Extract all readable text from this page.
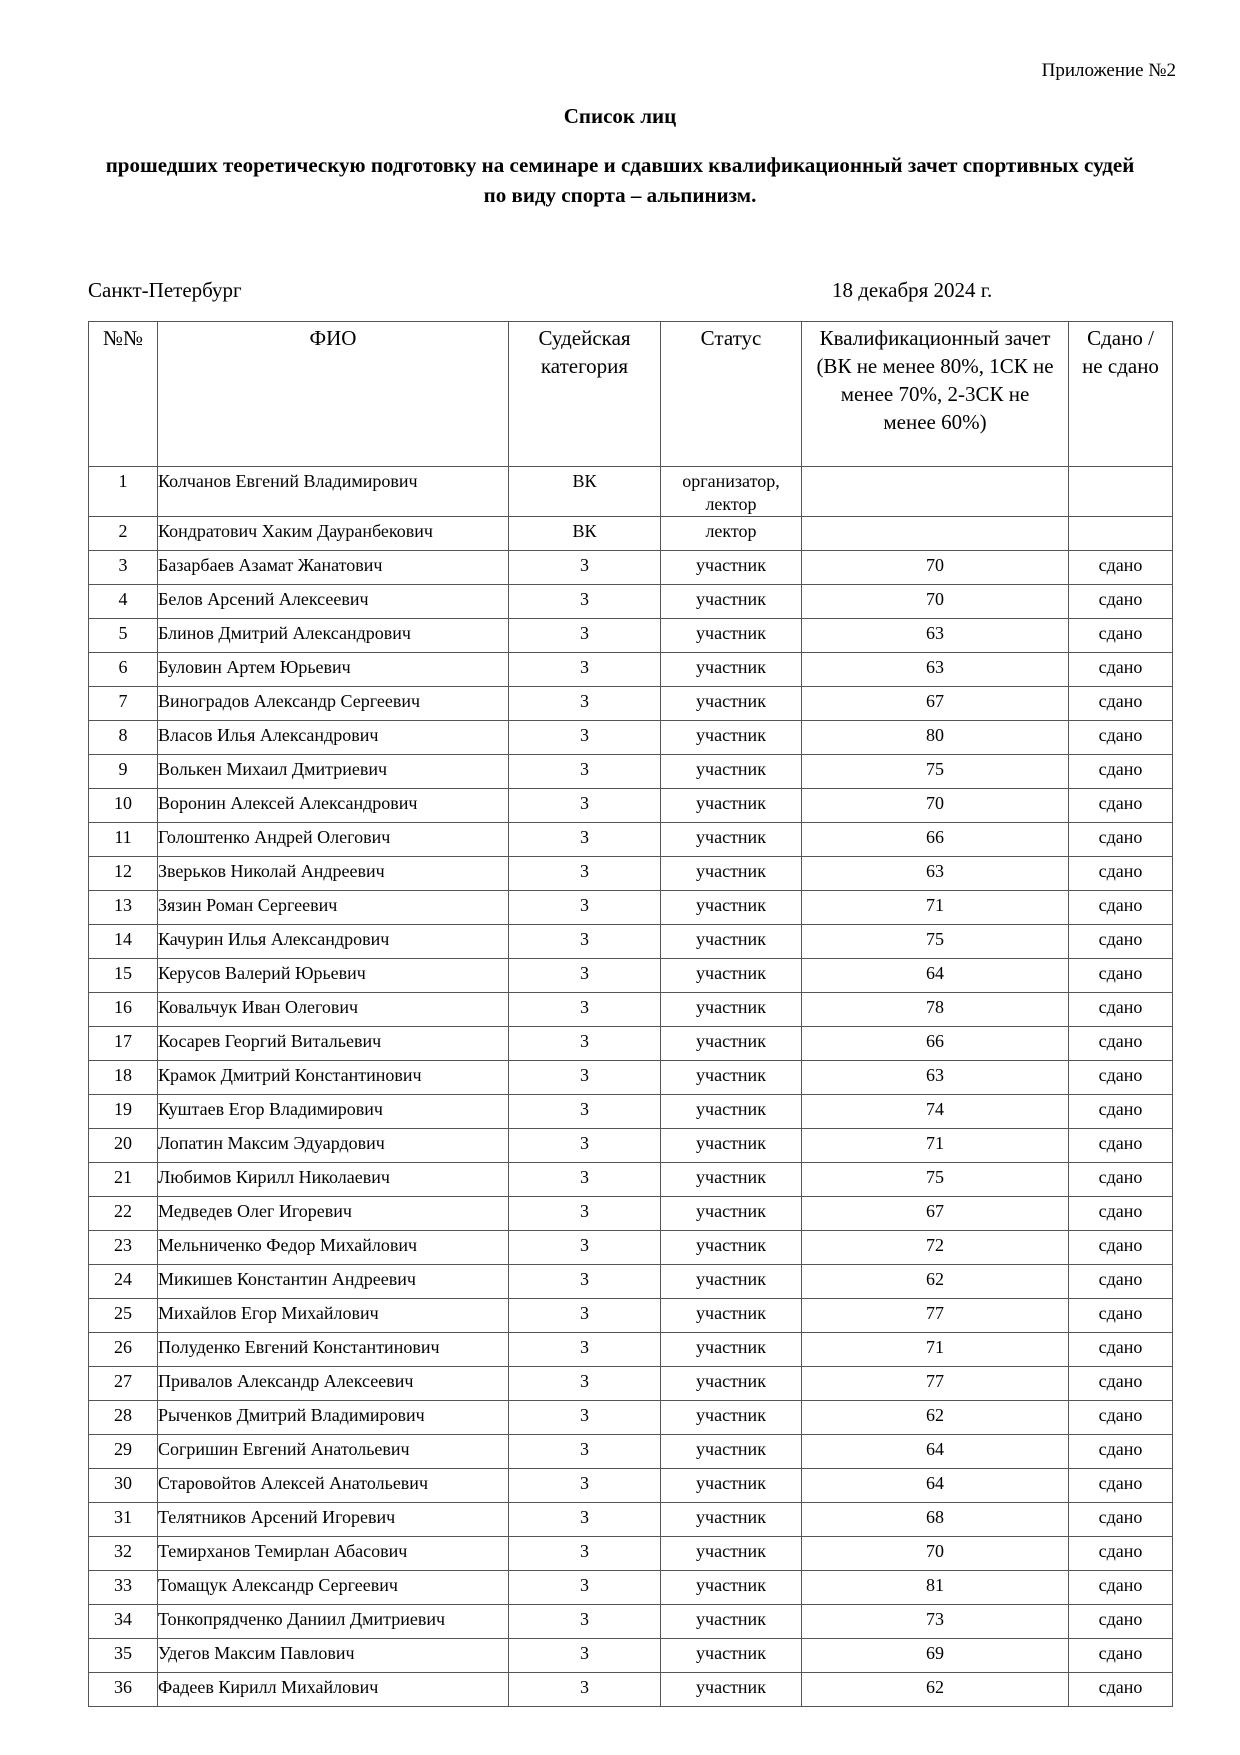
Приложение №2
Список лиц
прошедших теоретическую подготовку на семинаре и сдавших квалификационный зачет спортивных судей по виду спорта – альпинизм.
Санкт-Петербург	18 декабря 2024 г.
№№	ФИО	Судейская категория	Статус	Квалификационный зачет (ВК не менее 80%, 1СК не менее 70%, 2-3СК не менее 60%)	Сдано / не сдано
1	Колчанов Евгений Владимирович	ВК	организатор, лектор		
2	Кондратович Хаким Дауранбекович	ВК	лектор		
3	Базарбаев Азамат Жанатович	3	участник	70	сдано
4	Белов Арсений Алексеевич	3	участник	70	сдано
5	Блинов Дмитрий Александрович	3	участник	63	сдано
6	Буловин Артем Юрьевич	3	участник	63	сдано
7	Виноградов Александр Сергеевич	3	участник	67	сдано
8	Власов Илья Александрович	3	участник	80	сдано
9	Волькен Михаил Дмитриевич	3	участник	75	сдано
10	Воронин Алексей Александрович	3	участник	70	сдано
11	Голоштенко Андрей Олегович	3	участник	66	сдано
12	Зверьков Николай Андреевич	3	участник	63	сдано
13	Зязин Роман Сергеевич	3	участник	71	сдано
14	Качурин Илья Александрович	3	участник	75	сдано
15	Керусов Валерий Юрьевич	3	участник	64	сдано
16	Ковальчук Иван Олегович	3	участник	78	сдано
17	Косарев Георгий Витальевич	3	участник	66	сдано
18	Крамок Дмитрий Константинович	3	участник	63	сдано
19	Куштаев Егор Владимирович	3	участник	74	сдано
20	Лопатин Максим Эдуардович	3	участник	71	сдано
21	Любимов Кирилл Николаевич	3	участник	75	сдано
22	Медведев Олег Игоревич	3	участник	67	сдано
23	Мельниченко Федор Михайлович	3	участник	72	сдано
24	Микишев Константин Андреевич	3	участник	62	сдано
25	Михайлов Егор Михайлович	3	участник	77	сдано
26	Полуденко Евгений Константинович	3	участник	71	сдано
27	Привалов Александр Алексеевич	3	участник	77	сдано
28	Рыченков Дмитрий Владимирович	3	участник	62	сдано
29	Согришин Евгений Анатольевич	3	участник	64	сдано
30	Старовойтов Алексей Анатольевич	3	участник	64	сдано
31	Телятников Арсений Игоревич	3	участник	68	сдано
32	Темирханов Темирлан Абасович	3	участник	70	сдано
33	Томащук Александр Сергеевич	3	участник	81	сдано
34	Тонкопрядченко Даниил Дмитриевич	3	участник	73	сдано
35	Удегов Максим Павлович	3	участник	69	сдано
36	Фадеев Кирилл Михайлович	3	участник	62	сдано
